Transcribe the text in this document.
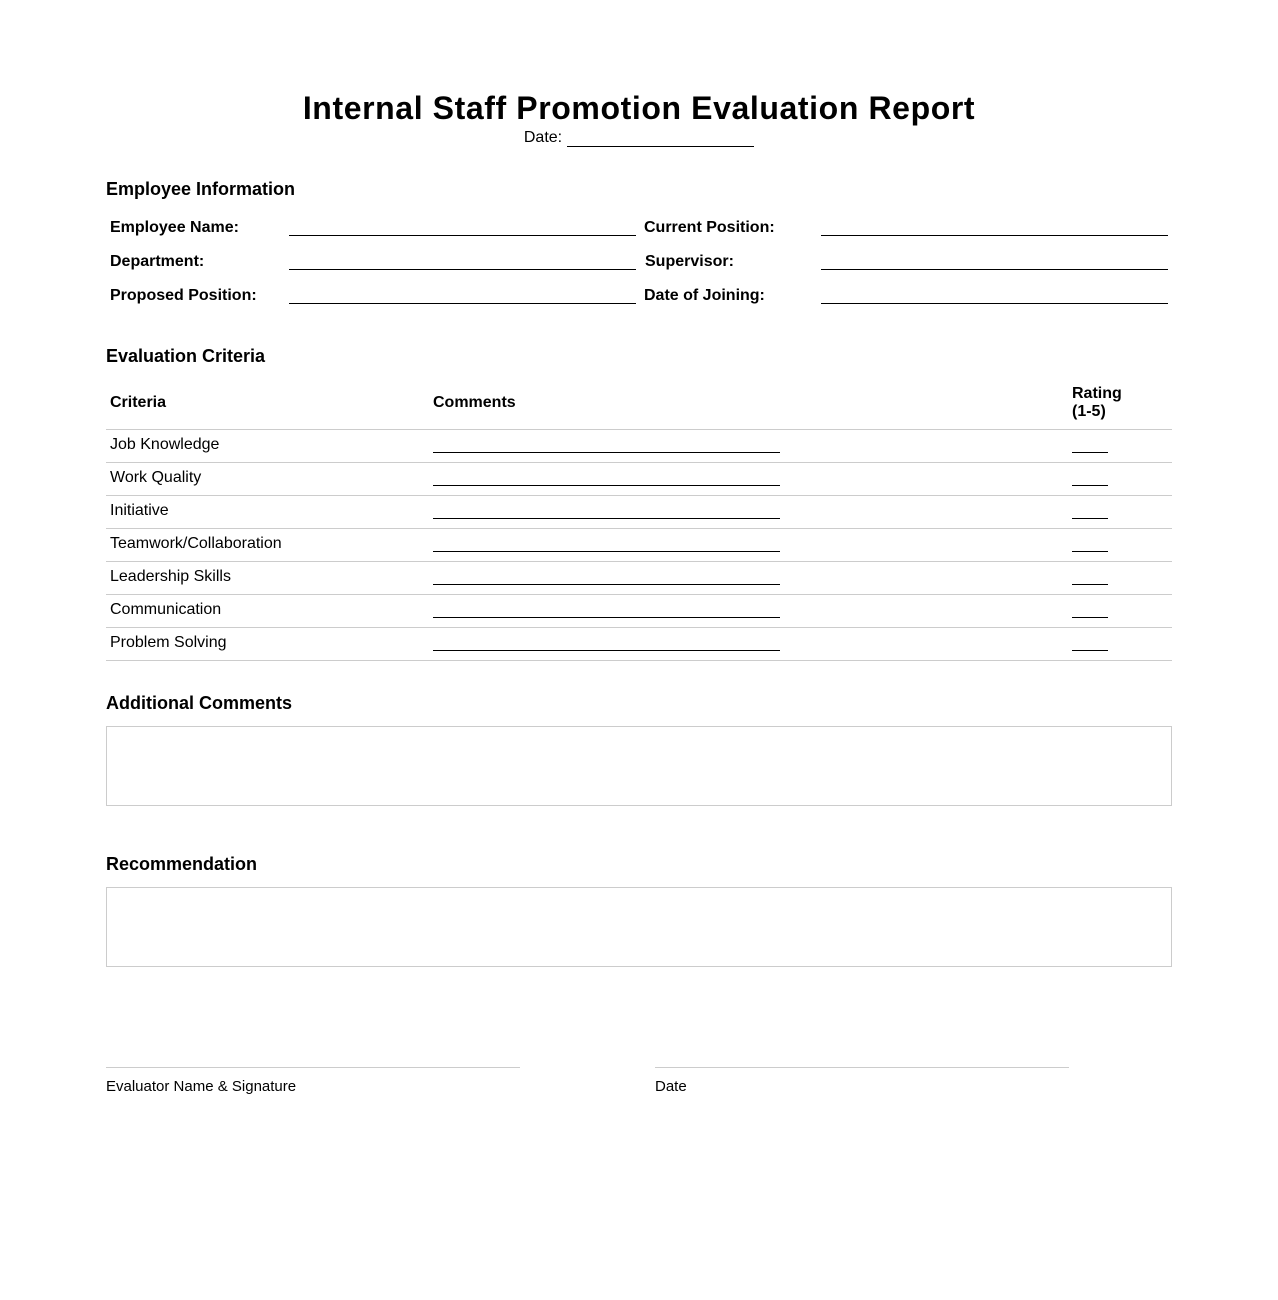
Internal Staff Promotion Evaluation Report
Date:
Employee Information
Employee Name:	Current Position:
Department:	Supervisor:
Proposed Position:	Date of Joining:
Evaluation Criteria
Criteria	Comments
Rating
(1-5)
Job Knowledge
Work Quality
Initiative
Teamwork/Collaboration
Leadership Skills
Communication
Problem Solving
Additional Comments
Recommendation
Evaluator Name & Signature	Date
